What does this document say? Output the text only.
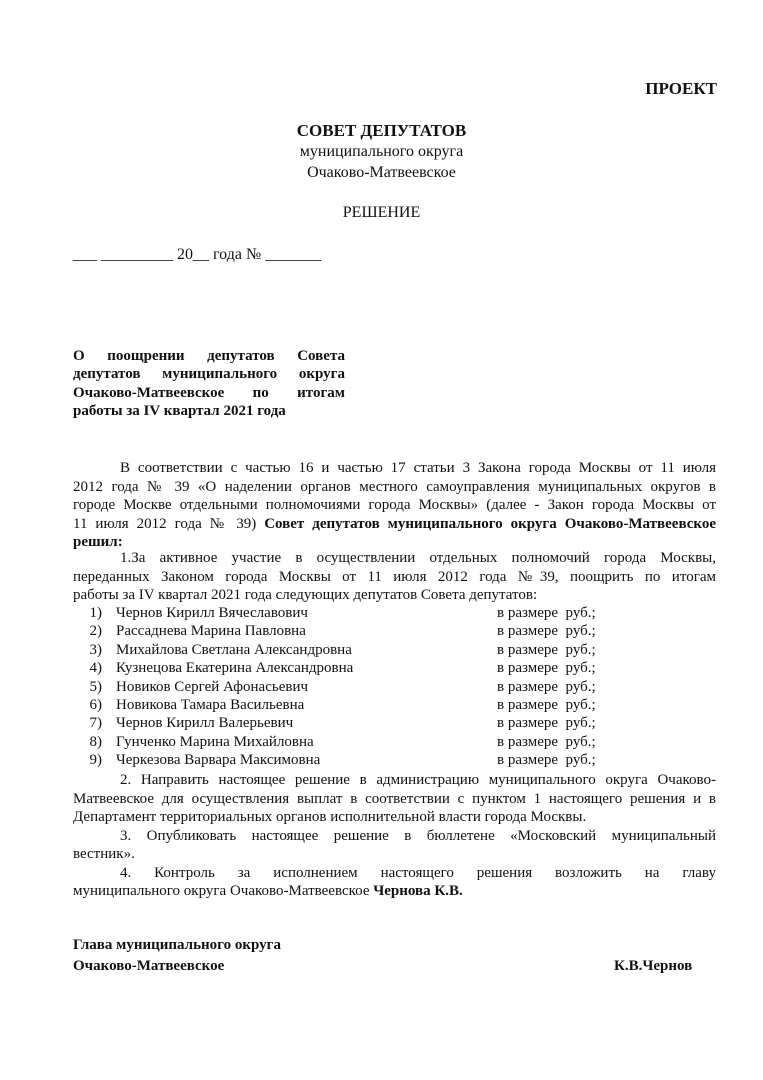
ПРОЕКТ
СОВЕТ ДЕПУТАТОВ
муниципального округа
Очаково-Матвеевское
РЕШЕНИЕ
___ _________ 20__ года № _______
О поощрении депутатов Совета
депутатов муниципального округа
Очаково-Матвеевское по итогам
работы за IV квартал 2021 года
В соответствии с частью 16 и частью 17 статьи 3 Закона города Москвы от 11 июля
2012 года № 39 «О наделении органов местного самоуправления муниципальных округов в
городе Москве отдельными полномочиями города Москвы» (далее - Закон города Москвы от
11 июля 2012 года № 39) Совет депутатов муниципального округа Очаково-Матвеевское
решил:
1.За активное участие в осуществлении отдельных полномочий города Москвы,
переданных Законом города Москвы от 11 июля 2012 года №39, поощрить по итогам
работы за IV квартал 2021 года следующих депутатов Совета депутатов:
1) Чернов Кирилл Вячеславович	в размере  руб.;
2) Рассаднева Марина Павловна	в размере  руб.;
3) Михайлова Светлана Александровна	в размере  руб.;
4) Кузнецова Екатерина Александровна	в размере  руб.;
5) Новиков Сергей Афонасьевич	в размере  руб.;
6) Новикова Тамара Васильевна	в размере  руб.;
7) Чернов Кирилл Валерьевич	в размере  руб.;
8) Гунченко Марина Михайловна	в размере  руб.;
9) Черкезова Варвара Максимовна	в размере  руб.;
2. Направить настоящее решение в администрацию муниципального округа Очаково-
Матвеевское для осуществления выплат в соответствии с пунктом 1 настоящего решения и в
Департамент территориальных органов исполнительной власти города Москвы.
3. Опубликовать настоящее решение в бюллетене «Московский муниципальный
вестник».
4. Контроль за исполнением настоящего решения возложить на главу
муниципального округа Очаково-Матвеевское Чернова К.В.
Глава муниципального округа
Очаково-Матвеевское	К.В.Чернов
